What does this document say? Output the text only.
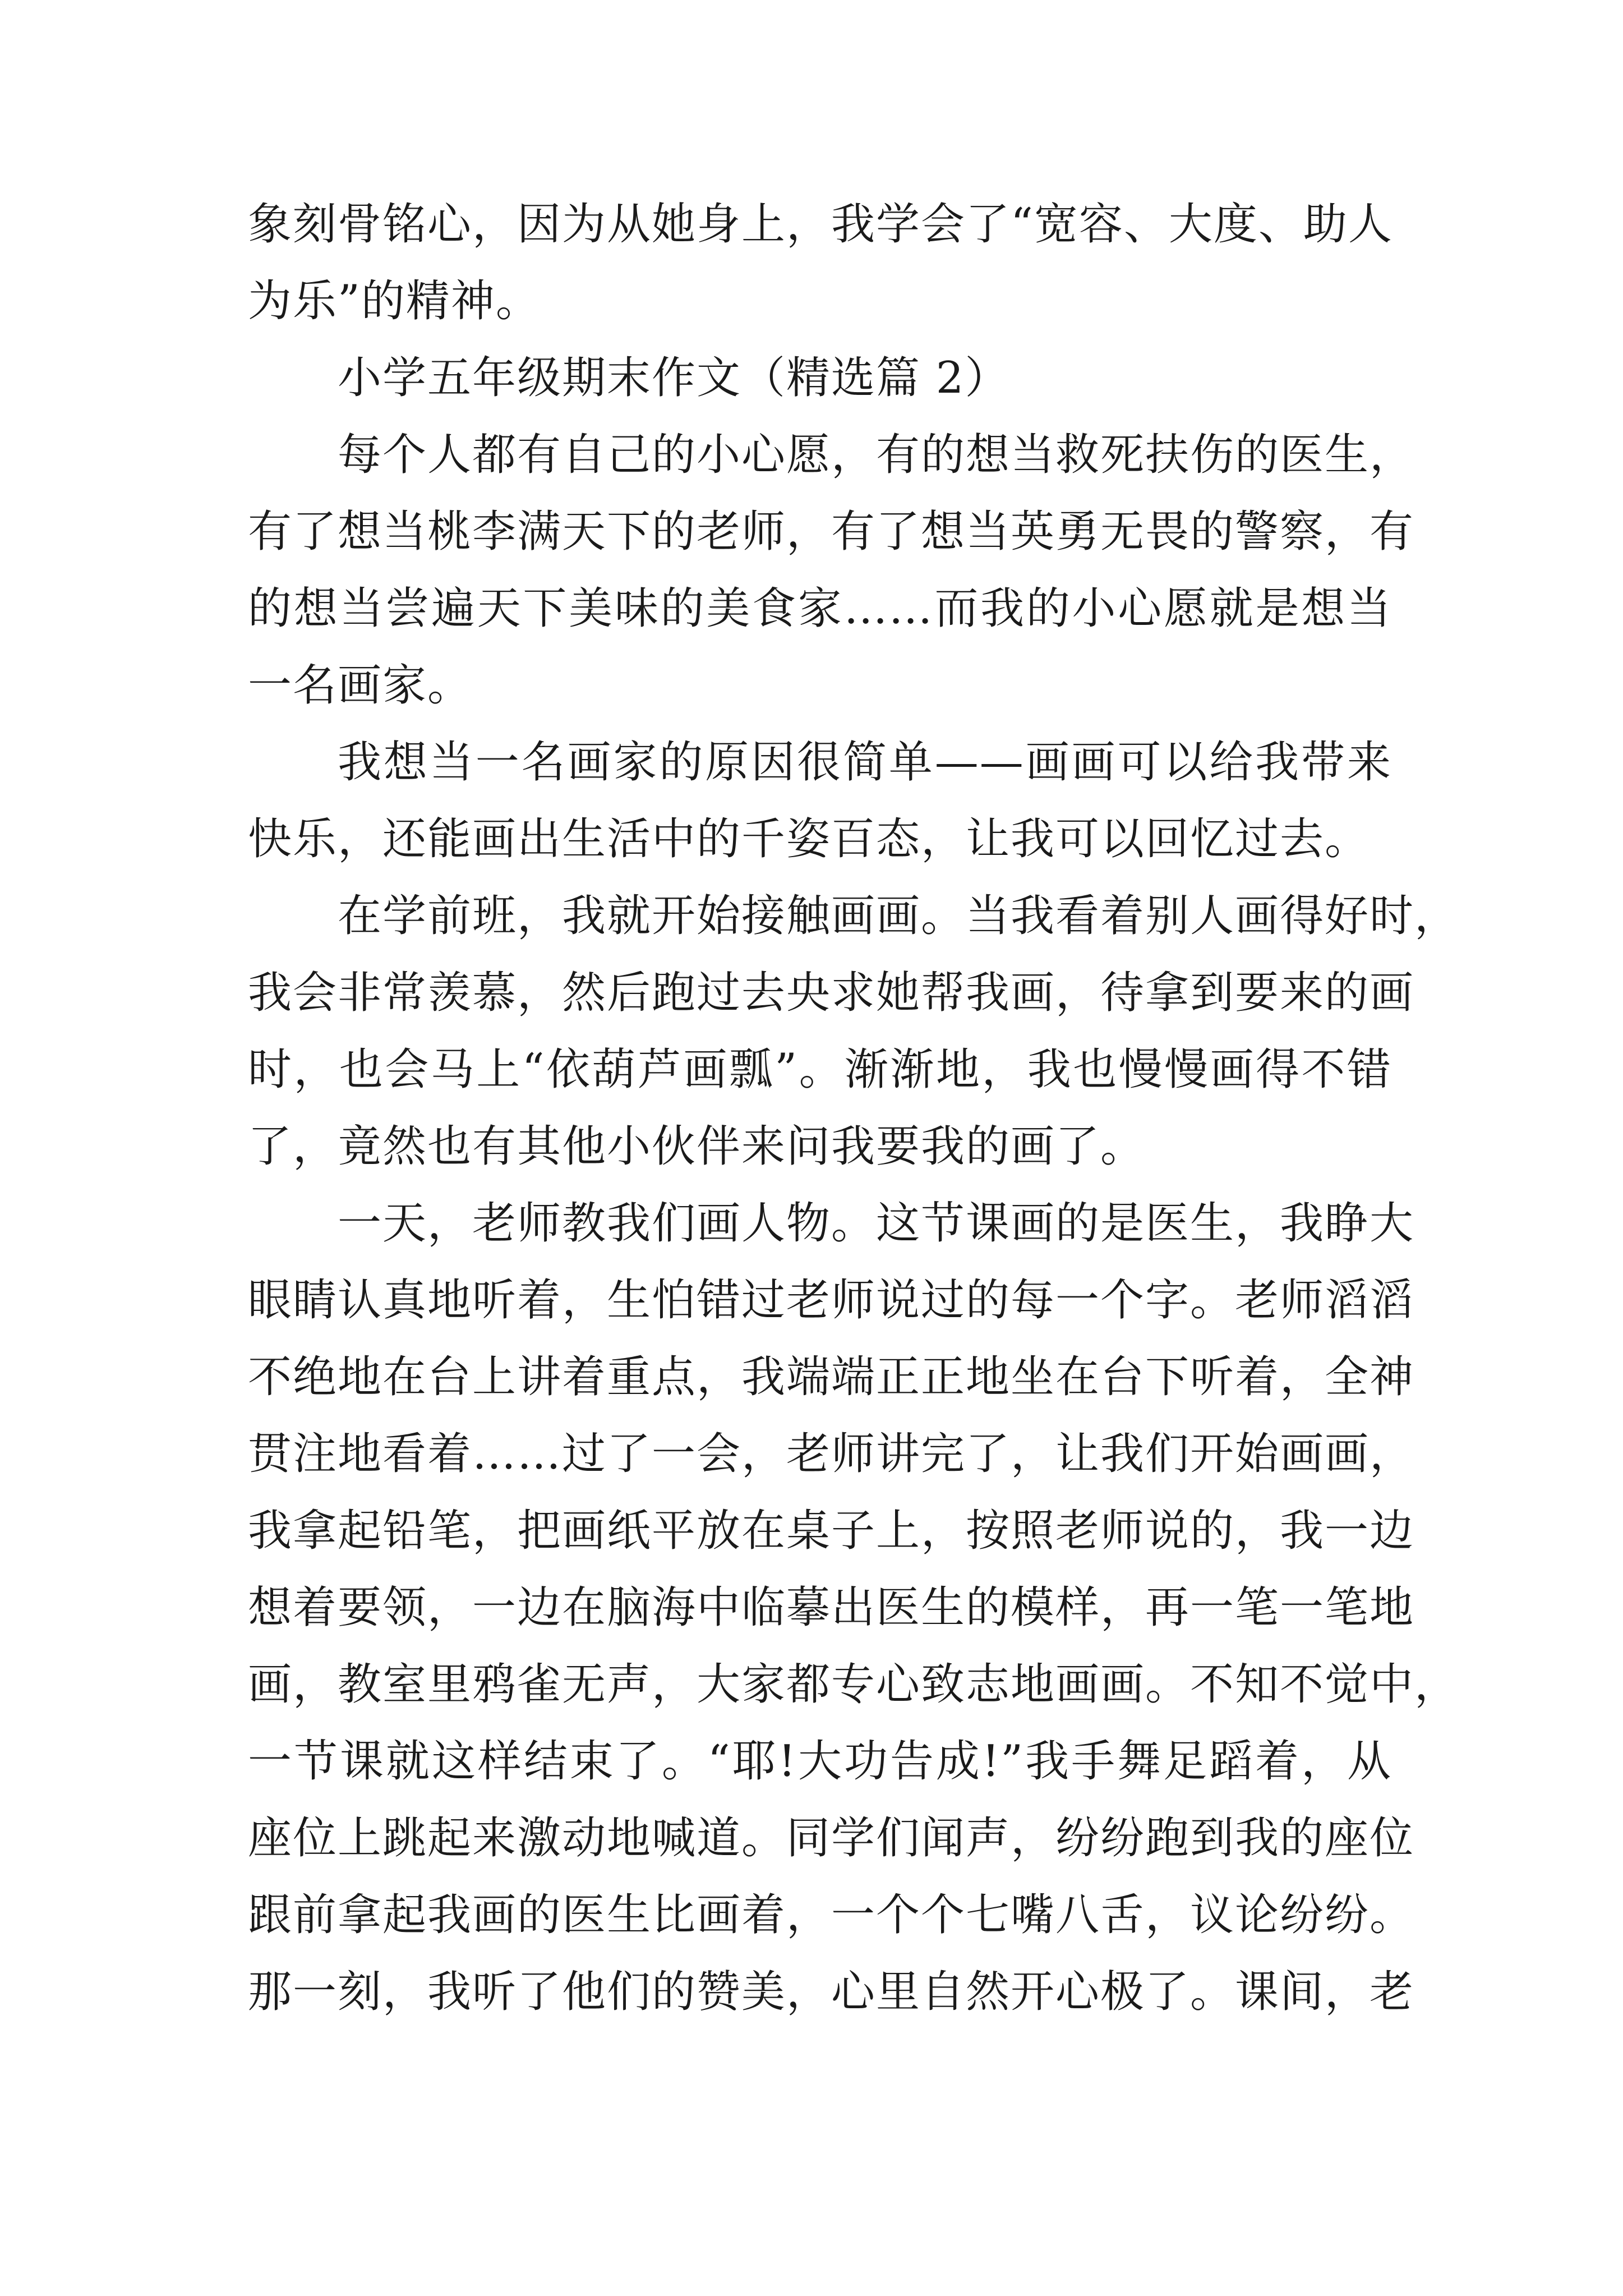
象刻骨铭心，因为从她身上，我学会了“宽容、大度、助人
为乐”的精神。
小学五年级期末作文（精选篇 2）
每个人都有自己的小心愿，有的想当救死扶伤的医生，
有了想当桃李满天下的老师，有了想当英勇无畏的警察，有
的想当尝遍天下美味的美食家……而我的小心愿就是想当
一名画家。
我想当一名画家的原因很简单——画画可以给我带来
快乐，还能画出生活中的千姿百态，让我可以回忆过去。
在学前班，我就开始接触画画。当我看着别人画得好时，
我会非常羡慕，然后跑过去央求她帮我画，待拿到要来的画
时，也会马上“依葫芦画瓢”。渐渐地，我也慢慢画得不错
了，竟然也有其他小伙伴来问我要我的画了。
一天，老师教我们画人物。这节课画的是医生，我睁大
眼睛认真地听着，生怕错过老师说过的每一个字。老师滔滔
不绝地在台上讲着重点，我端端正正地坐在台下听着，全神
贯注地看着……过了一会，老师讲完了，让我们开始画画，
我拿起铅笔，把画纸平放在桌子上，按照老师说的，我一边
想着要领，一边在脑海中临摹出医生的模样，再一笔一笔地
画，教室里鸦雀无声，大家都专心致志地画画。不知不觉中，
一节课就这样结束了。“耶!大功告成!”我手舞足蹈着，从
座位上跳起来激动地喊道。同学们闻声，纷纷跑到我的座位
跟前拿起我画的医生比画着，一个个七嘴八舌，议论纷纷。
那一刻，我听了他们的赞美，心里自然开心极了。课间，老
